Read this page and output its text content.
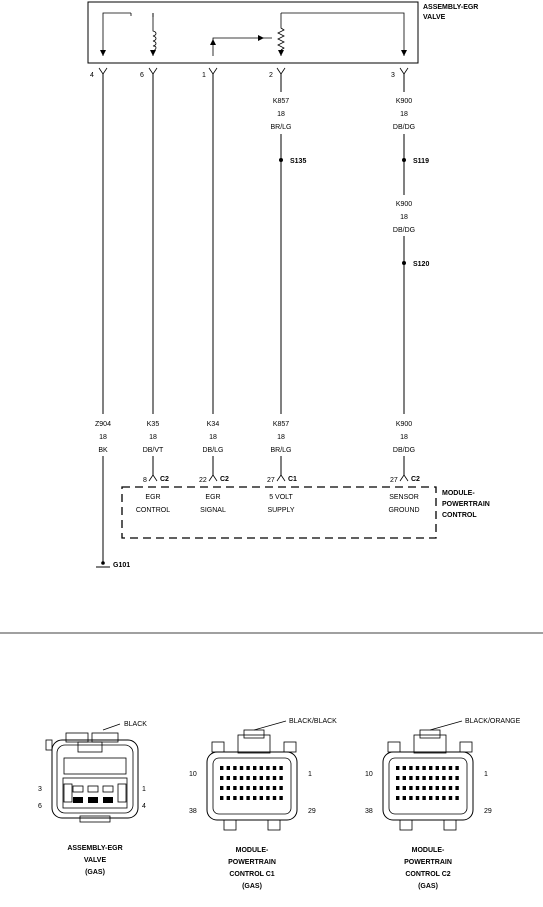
ASSEMBLY-EGR
VALVE
4	6	1	2	3
K857
18
BR/LG
K900
18
DB/DG
K900
18
DB/DG
S135	S119
S120
Z904
18
BK
K35
18
DB/VT
K34
18
DB/LG
K857
18
BR/LG
K900
18
DB/DG
8 C2	22 C2	27 C1	27 C2
MODULE-
POWERTRAIN
CONTROL
EGR
CONTROL
EGR
SIGNAL
5 VOLT
SUPPLY
SENSOR
GROUND
G101
BLACK
3	1
6	4
ASSEMBLY-EGR
VALVE
(GAS)
BLACK/BLACK
10	1
38	29
MODULE-
POWERTRAIN
CONTROL C1
(GAS)
BLACK/ORANGE
10	1
38	29
MODULE-
POWERTRAIN
CONTROL C2
(GAS)
